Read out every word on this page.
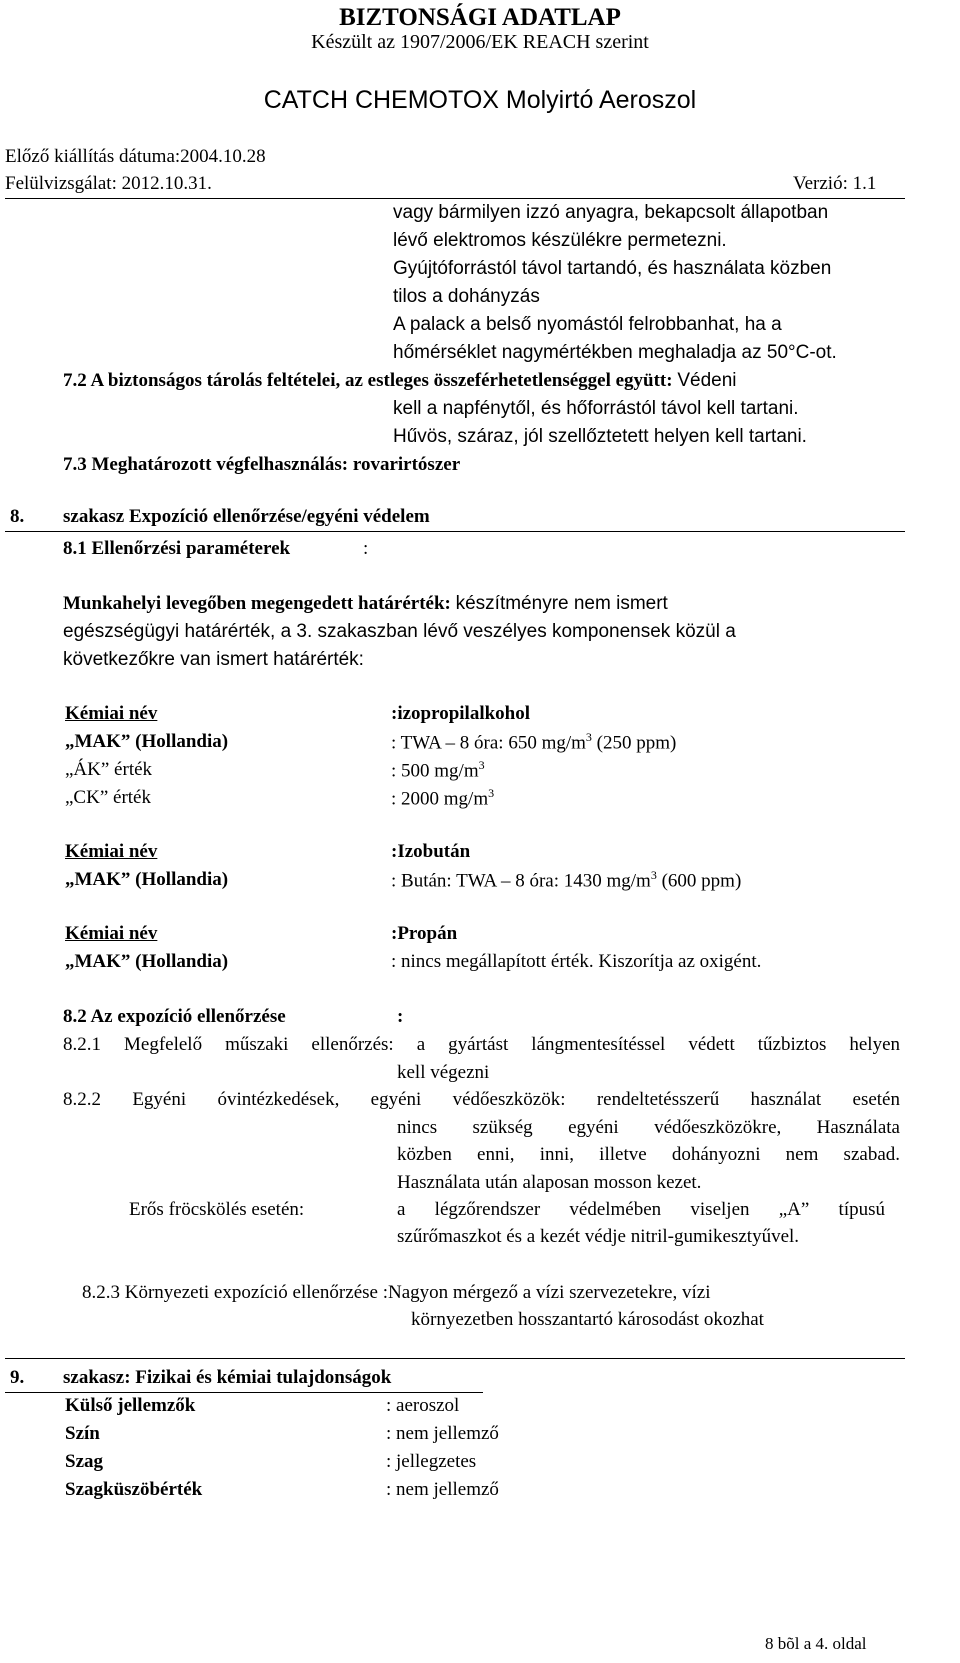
BIZTONSÁGI ADATLAP
Készült az 1907/2006/EK REACH szerint
CATCH CHEMOTOX Molyirtó Aeroszol
Előző kiállítás dátuma:2004.10.28
Felülvizsgálat: 2012.10.31.	Verzió: 1.1
vagy bármilyen izzó anyagra, bekapcsolt állapotban
lévő elektromos készülékre permetezni.
Gyújtóforrástól távol tartandó, és használata közben
tilos a dohányzás
A palack a belső nyomástól felrobbanhat, ha a
hőmérséklet nagymértékben meghaladja az 50°C-ot.
7.2 A biztonságos tárolás feltételei, az estleges összeférhetetlenséggel együtt: Védeni
kell a napfénytől, és hőforrástól távol kell tartani.
Hűvös, száraz, jól szellőztetett helyen kell tartani.
7.3 Meghatározott végfelhasználás: rovarirtószer
8. szakasz Expozíció ellenőrzése/egyéni védelem
8.1 Ellenőrzési paraméterek	:
Munkahelyi levegőben megengedett határérték: készítményre nem ismert
egészségügyi határérték, a 3. szakaszban lévő veszélyes komponensek közül a
következőkre van ismert határérték:
Kémiai név	:izopropilalkohol
„MAK” (Hollandia)	: TWA – 8 óra: 650 $mg/m^3$ (250 ppm)
„ÁK” érték	: 500 $mg/m^3$
„CK” érték	: 2000 $mg/m^3$
Kémiai név	:Izobután
„MAK” (Hollandia)	: Bután: TWA – 8 óra: 1430 $mg/m^3$ (600 ppm)
Kémiai név	:Propán
„MAK” (Hollandia)	: nincs megállapított érték. Kiszorítja az oxigént.
8.2 Az expozíció ellenőrzése	:
8.2.1 Megfelelő műszaki ellenőrzés: a gyártást lángmentesítéssel védett tűzbiztos helyen
kell végezni
8.2.2 Egyéni óvintézkedések, egyéni védőeszközök: rendeltetésszerű használat esetén
nincs szükség egyéni védőeszközökre, Használata
közben enni, inni, illetve dohányozni nem szabad.
Használata után alaposan mosson kezet.
Erős fröcskölés esetén:	a légzőrendszer védelmében viseljen „A” típusú
szűrőmaszkot és a kezét védje nitril-gumikesztyűvel.
8.2.3 Környezeti expozíció ellenőrzése :Nagyon mérgező a vízi szervezetekre, vízi
környezetben hosszantartó károsodást okozhat
9. szakasz: Fizikai és kémiai tulajdonságok
Külső jellemzők	: aeroszol
Szín	: nem jellemző
Szag	: jellegzetes
Szagküszöbérték	: nem jellemző
8 bõl a 4. oldal
